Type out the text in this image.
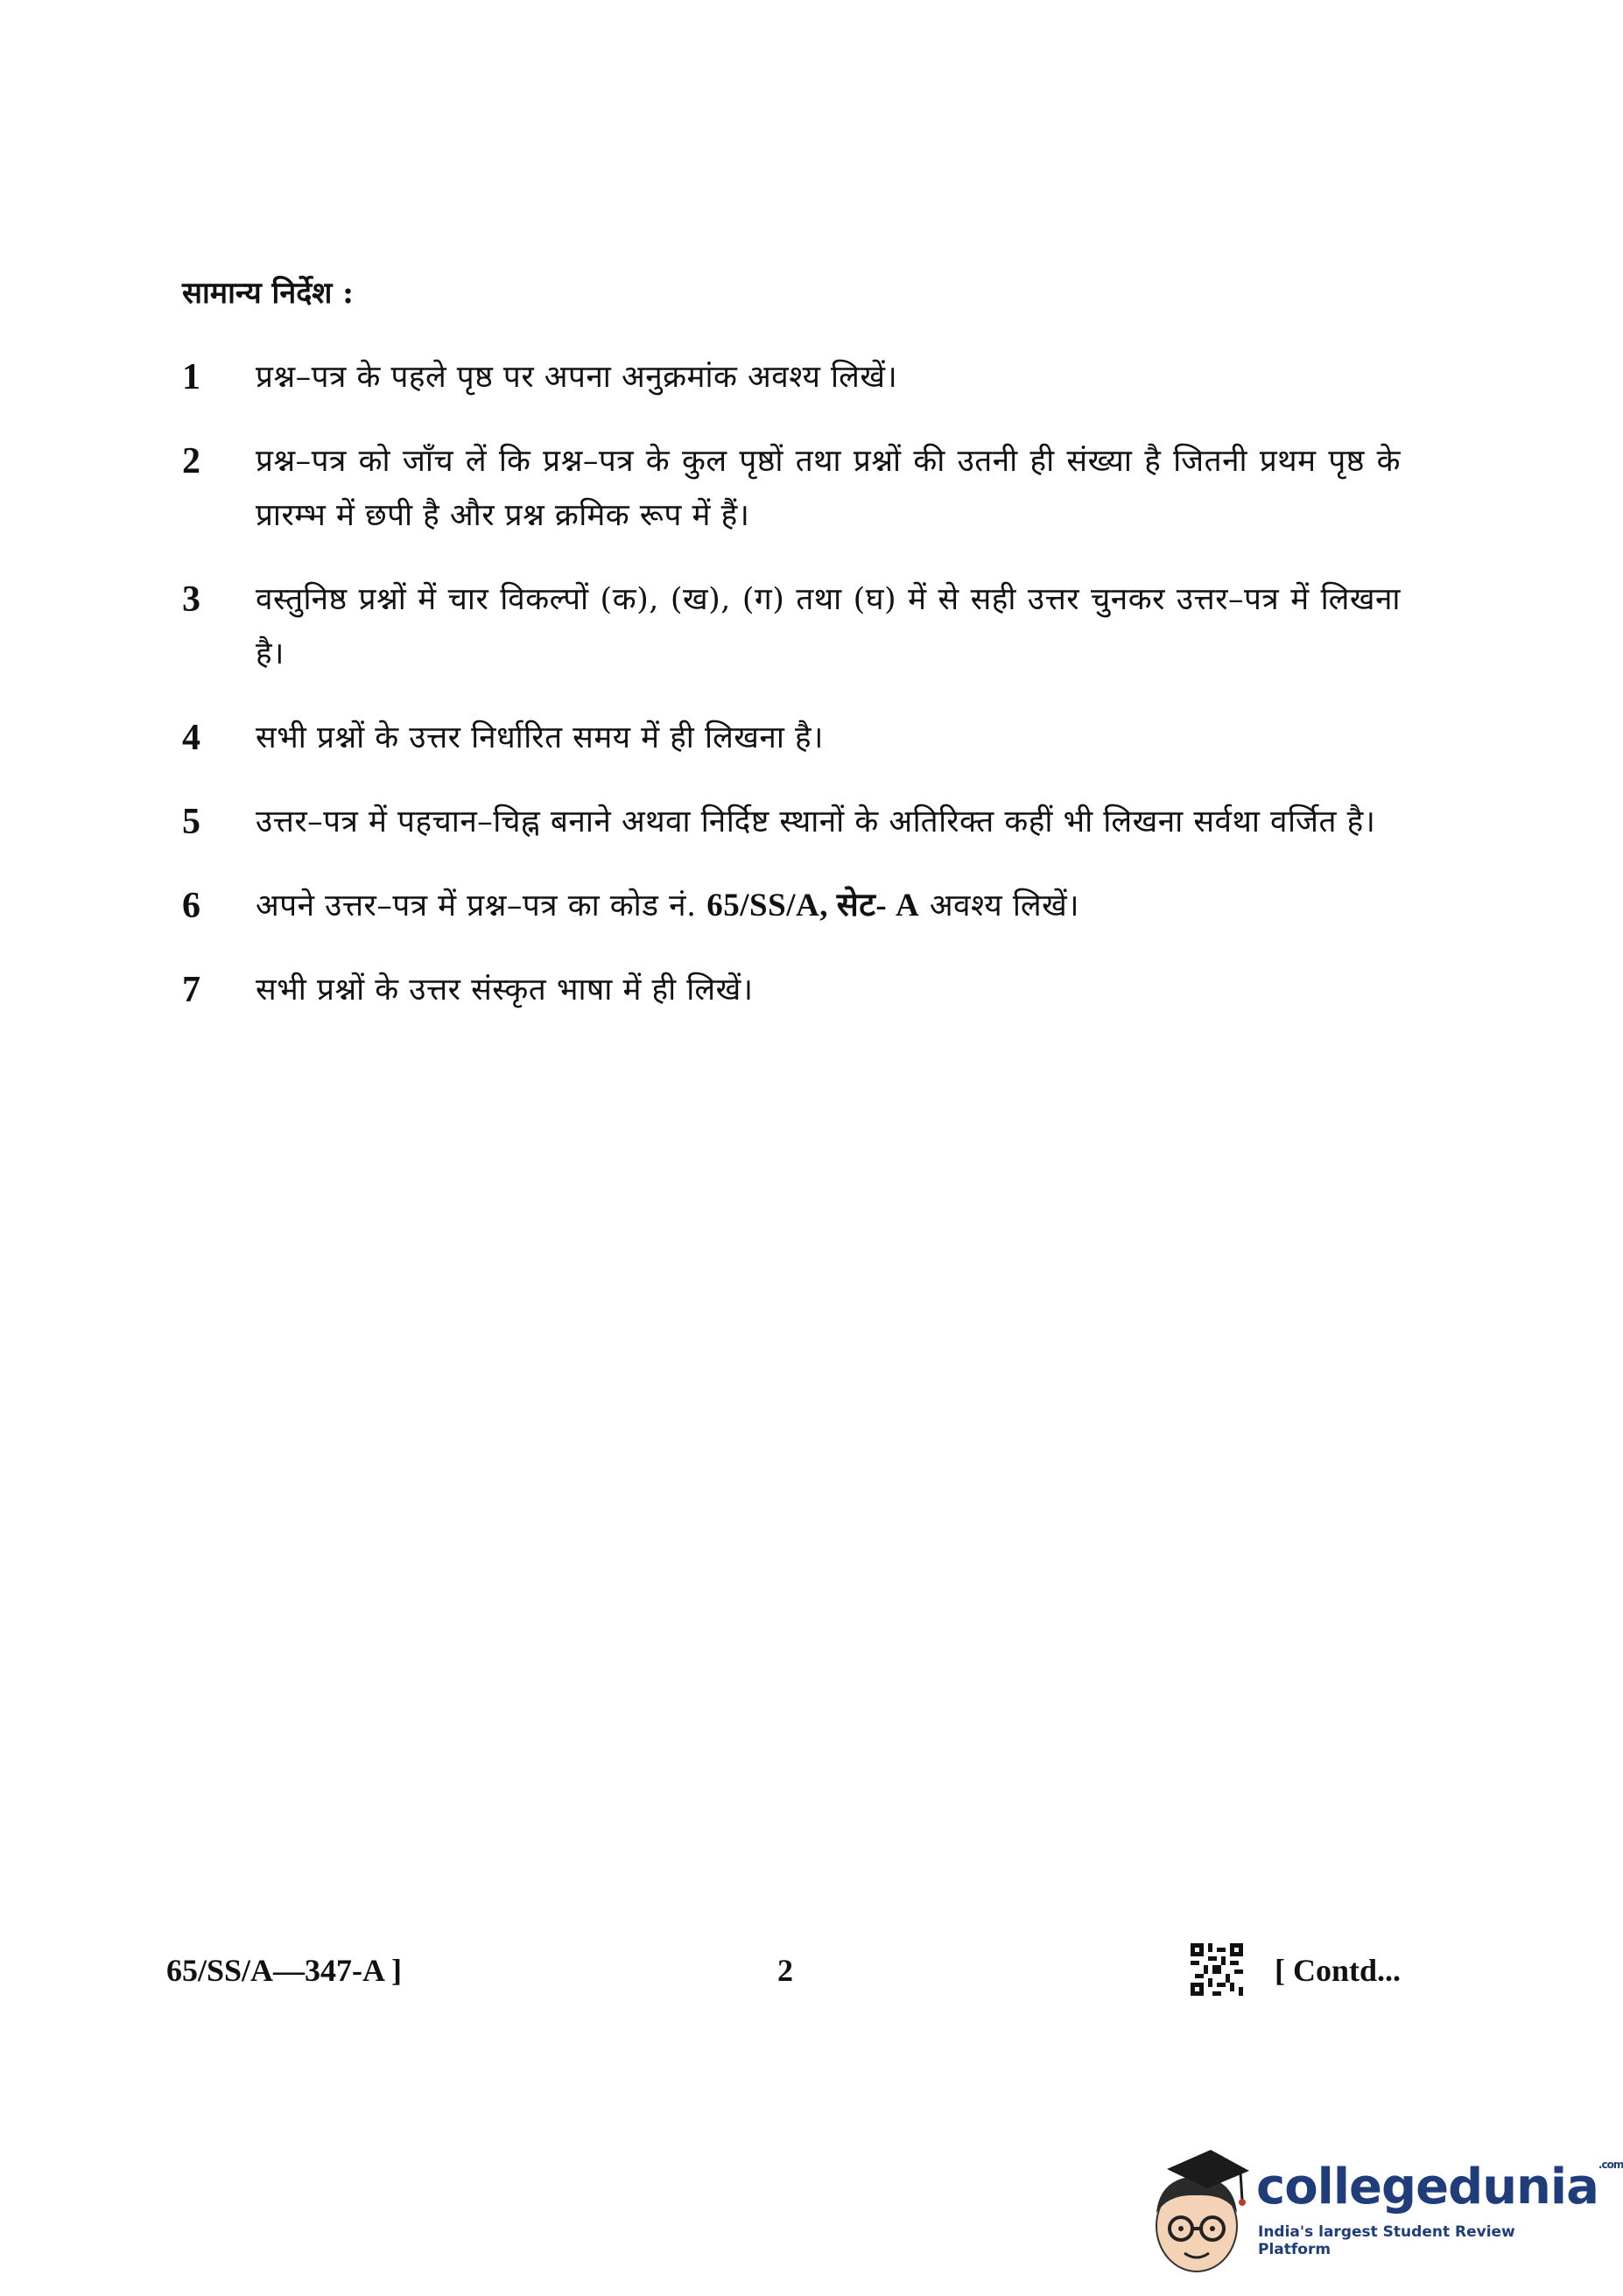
सामान्य निर्देश :
1	प्रश्न–पत्र के पहले पृष्ठ पर अपना अनुक्रमांक अवश्य लिखें।
2	प्रश्न–पत्र को जाँच लें कि प्रश्न–पत्र के कुल पृष्ठों तथा प्रश्नों की उतनी ही संख्या है जितनी प्रथम पृष्ठ के प्रारम्भ में छपी है और प्रश्न क्रमिक रूप में हैं।
3	वस्तुनिष्ठ प्रश्नों में चार विकल्पों (क), (ख), (ग) तथा (घ) में से सही उत्तर चुनकर उत्तर–पत्र में लिखना है।
4	सभी प्रश्नों के उत्तर निर्धारित समय में ही लिखना है।
5	उत्तर–पत्र में पहचान–चिह्न बनाने अथवा निर्दिष्ट स्थानों के अतिरिक्त कहीं भी लिखना सर्वथा वर्जित है।
6	अपने उत्तर–पत्र में प्रश्न–पत्र का कोड नं. 65/SS/A, सेट- A अवश्य लिखें।
7	सभी प्रश्नों के उत्तर संस्कृत भाषा में ही लिखें।
65/SS/A—347-A ]	2	[ Contd...
collegedunia$^{.com}$
India's largest Student Review Platform
